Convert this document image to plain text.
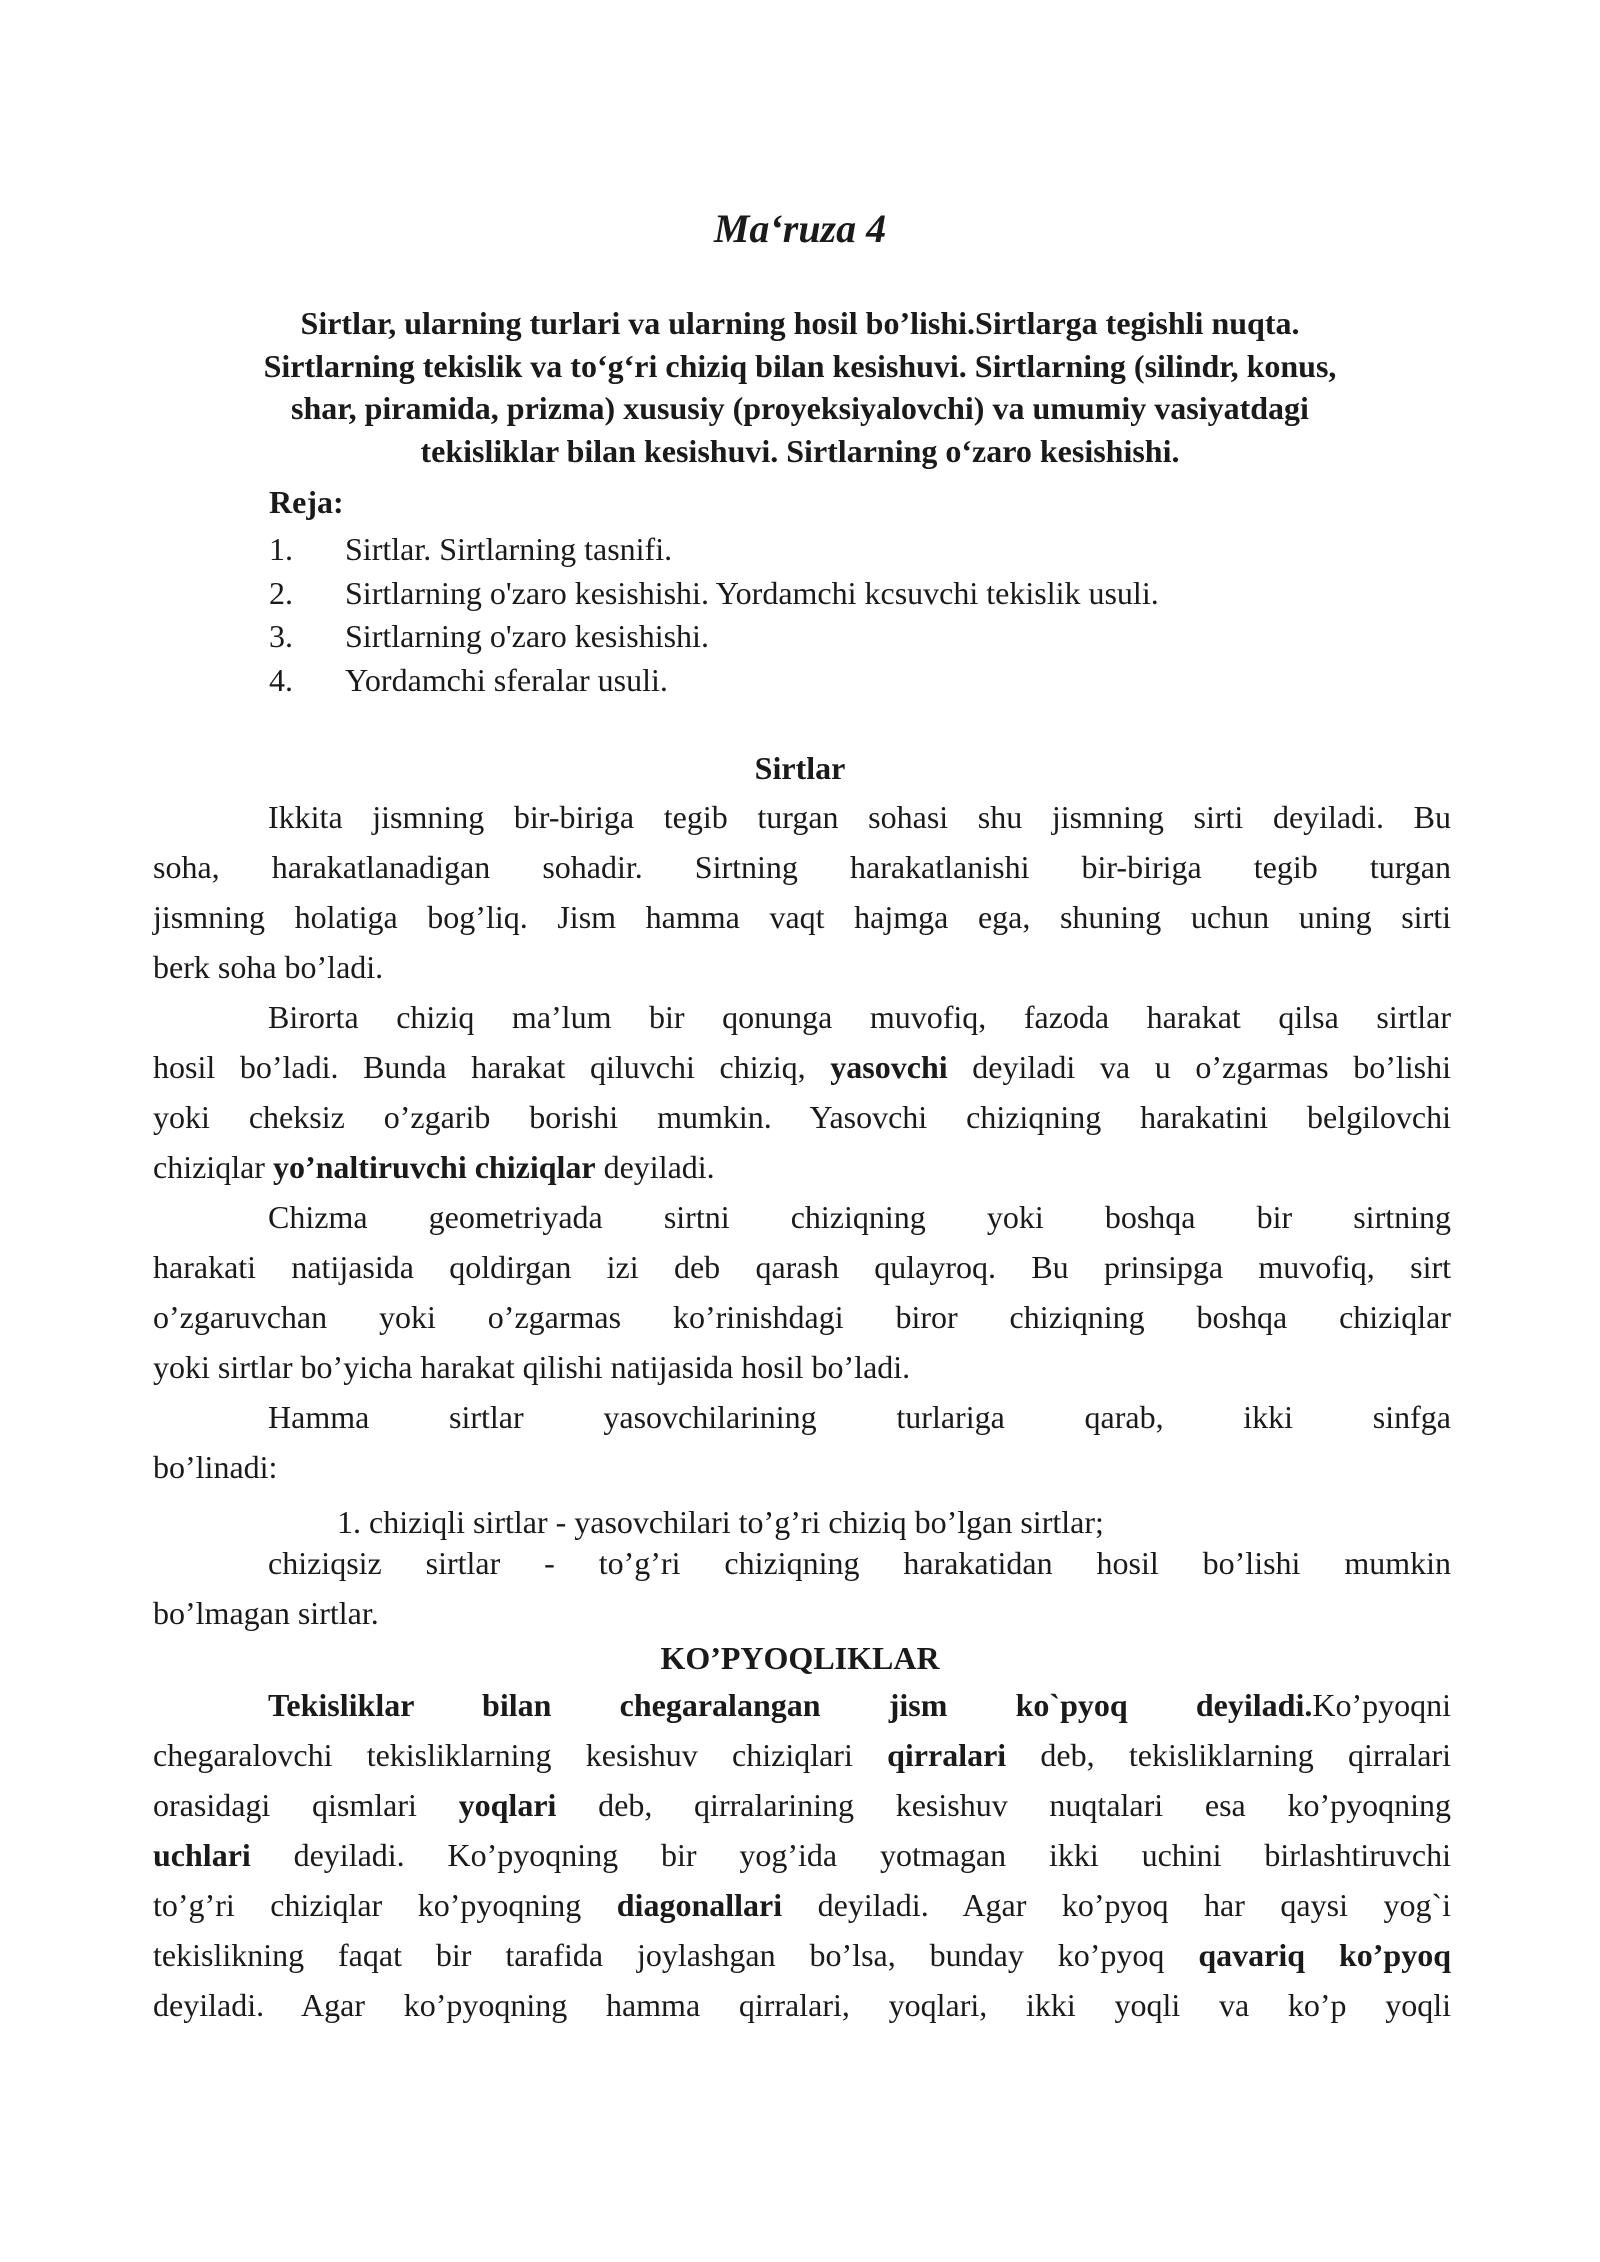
Ma‘ruza 4
Sirtlar, ularning turlari va ularning hosil bo’lishi.Sirtlarga tegishli nuqta.
Sirtlarning tekislik va to‘g‘ri chiziq bilan kesishuvi. Sirtlarning (silindr, konus,
shar, piramida, prizma) xususiy (proyeksiyalovchi) va umumiy vasiyatdagi
tekisliklar bilan kesishuvi. Sirtlarning o‘zaro kesishishi.

Reja:

1. Sirtlar. Sirtlarning tasnifi.
2. Sirtlarning o'zaro kesishishi. Yordamchi kcsuvchi tekislik usuli.
3. Sirtlarning o'zaro kesishishi.
4. Yordamchi sferalar usuli.
Sirtlar
Ikkita jismning bir-biriga tegib turgan sohasi shu jismning sirti deyiladi. Bu
soha, harakatlanadigan sohadir. Sirtning harakatlanishi bir-biriga tegib turgan
jismning holatiga bog’liq. Jism hamma vaqt hajmga ega, shuning uchun uning sirti
berk soha bo’ladi.
Birorta chiziq ma’lum bir qonunga muvofiq, fazoda harakat qilsa sirtlar
hosil bo’ladi. Bunda harakat qiluvchi chiziq, yasovchi deyiladi va u o’zgarmas bo’lishi
yoki cheksiz o’zgarib borishi mumkin. Yasovchi chiziqning harakatini belgilovchi
chiziqlar yo’naltiruvchi chiziqlar deyiladi.
Chizma geometriyada sirtni chiziqning yoki boshqa bir sirtning
harakati natijasida qoldirgan izi deb qarash qulayroq. Bu prinsipga muvofiq, sirt
o’zgaruvchan yoki o’zgarmas ko’rinishdagi biror chiziqning boshqa chiziqlar
yoki sirtlar bo’yicha harakat qilishi natijasida hosil bo’ladi.
Hamma sirtlar yasovchilarining turlariga qarab, ikki sinfga
bo’linadi:

1. chiziqli sirtlar - yasovchilari to’g’ri chiziq bo’lgan sirtlar;

chiziqsiz sirtlar - to’g’ri chiziqning harakatidan hosil bo’lishi mumkin
bo’lmagan sirtlar.
KO’PYOQLIKLAR
Tekisliklar bilan chegaralangan jism ko`pyoq deyiladi.Ko’pyoqni
chegaralovchi tekisliklarning kesishuv chiziqlari qirralari deb, tekisliklarning qirralari
orasidagi qismlari yoqlari deb, qirralarining kesishuv nuqtalari esa ko’pyoqning
uchlari deyiladi. Ko’pyoqning bir yog’ida yotmagan ikki uchini birlashtiruvchi
to’g’ri chiziqlar ko’pyoqning diagonallari deyiladi. Agar ko’pyoq har qaysi yog`i
tekislikning faqat bir tarafida joylashgan bo’lsa, bunday ko’pyoq qavariq ko’pyoq
deyiladi. Agar ko’pyoqning hamma qirralari, yoqlari, ikki yoqli va ko’p yoqli
